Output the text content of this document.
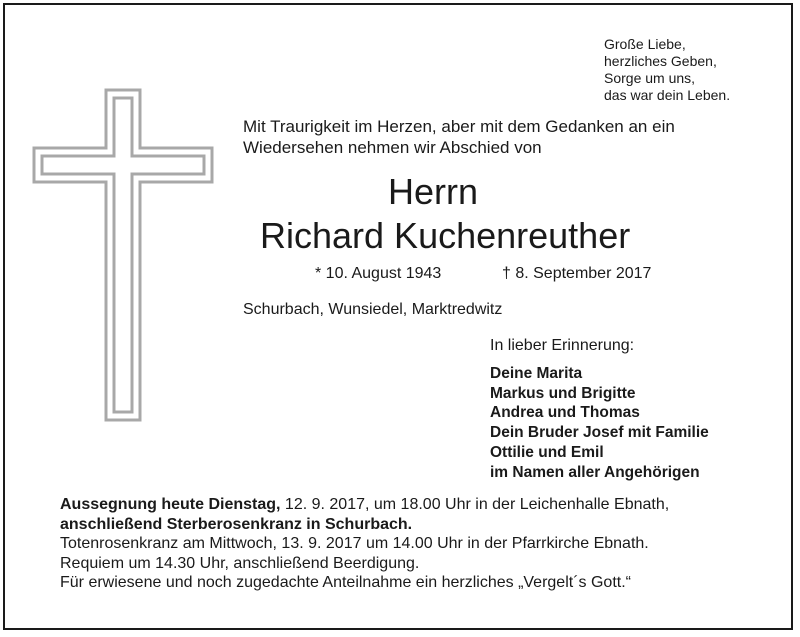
Große Liebe,
herzliches Geben,
Sorge um uns,
das war dein Leben.
Mit Traurigkeit im Herzen, aber mit dem Gedanken an ein
Wiedersehen nehmen wir Abschied von
Herrn
Richard Kuchenreuther
* 10. August 1943	† 8. September 2017
Schurbach, Wunsiedel, Marktredwitz
In lieber Erinnerung:
Deine Marita
Markus und Brigitte
Andrea und Thomas
Dein Bruder Josef mit Familie
Ottilie und Emil
im Namen aller Angehörigen
Aussegnung heute Dienstag, 12. 9. 2017, um 18.00 Uhr in der Leichenhalle Ebnath,
anschließend Sterberosenkranz in Schurbach.
Totenrosenkranz am Mittwoch, 13. 9. 2017 um 14.00 Uhr in der Pfarrkirche Ebnath.
Requiem um 14.30 Uhr, anschließend Beerdigung.
Für erwiesene und noch zugedachte Anteilnahme ein herzliches „Vergelt´s Gott.“
